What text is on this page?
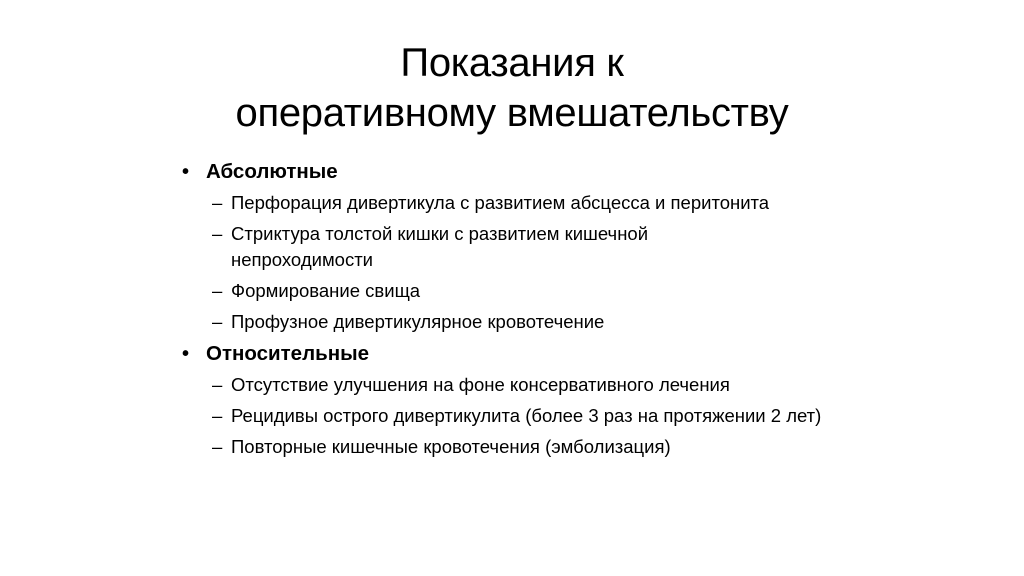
Показания к
оперативному вмешательству
• Абсолютные
– Перфорация дивертикула с развитием абсцесса и перитонита
– Стриктура толстой кишки с развитием кишечной непроходимости
– Формирование свища
– Профузное дивертикулярное кровотечение
• Относительные
– Отсутствие улучшения на фоне консервативного лечения
– Рецидивы острого дивертикулита (более 3 раз на протяжении 2 лет)
– Повторные кишечные кровотечения (эмболизация)
